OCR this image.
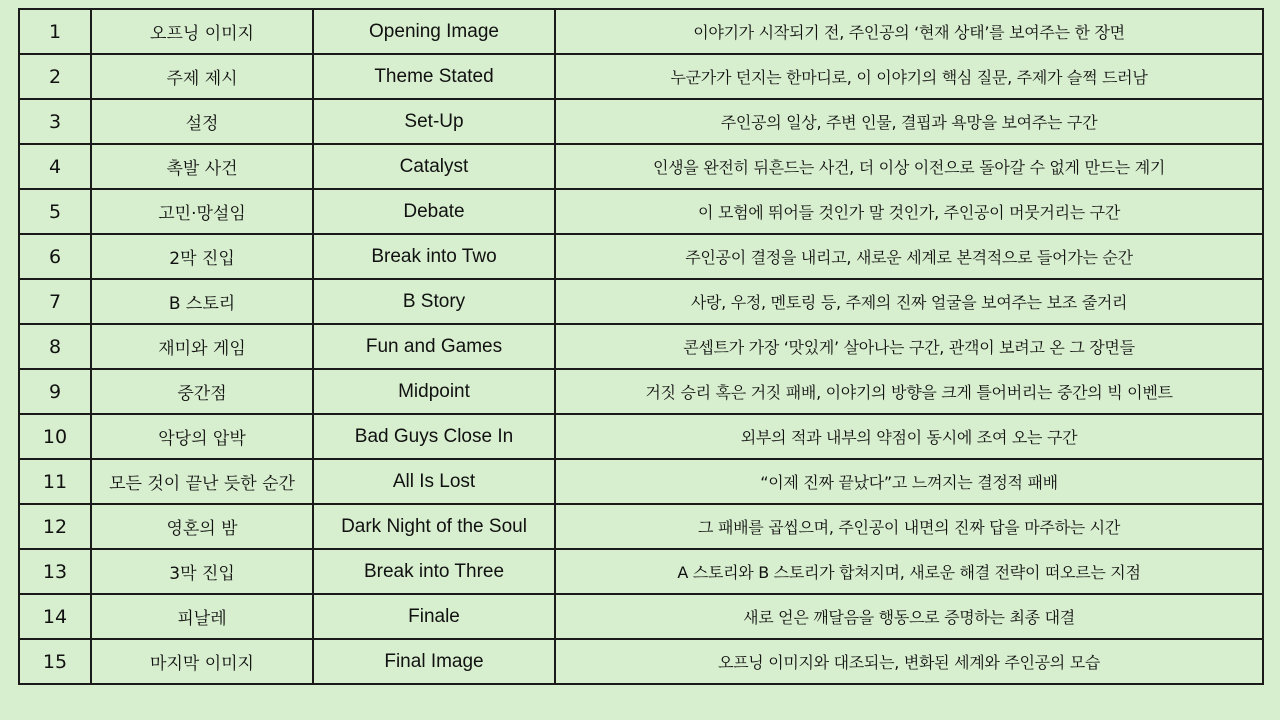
1	오프닝 이미지	Opening Image	이야기가 시작되기 전, 주인공의 ‘현재 상태’를 보여주는 한 장면
2	주제 제시	Theme Stated	누군가가 던지는 한마디로, 이 이야기의 핵심 질문, 주제가 슬쩍 드러남
3	설정	Set-Up	주인공의 일상, 주변 인물, 결핍과 욕망을 보여주는 구간
4	촉발 사건	Catalyst	인생을 완전히 뒤흔드는 사건, 더 이상 이전으로 돌아갈 수 없게 만드는 계기
5	고민·망설임	Debate	이 모험에 뛰어들 것인가 말 것인가, 주인공이 머뭇거리는 구간
6	2막 진입	Break into Two	주인공이 결정을 내리고, 새로운 세계로 본격적으로 들어가는 순간
7	B 스토리	B Story	사랑, 우정, 멘토링 등, 주제의 진짜 얼굴을 보여주는 보조 줄거리
8	재미와 게임	Fun and Games	콘셉트가 가장 ‘맛있게’ 살아나는 구간, 관객이 보려고 온 그 장면들
9	중간점	Midpoint	거짓 승리 혹은 거짓 패배, 이야기의 방향을 크게 틀어버리는 중간의 빅 이벤트
10	악당의 압박	Bad Guys Close In	외부의 적과 내부의 약점이 동시에 조여 오는 구간
11	모든 것이 끝난 듯한 순간	All Is Lost	“이제 진짜 끝났다”고 느껴지는 결정적 패배
12	영혼의 밤	Dark Night of the Soul	그 패배를 곱씹으며, 주인공이 내면의 진짜 답을 마주하는 시간
13	3막 진입	Break into Three	A 스토리와 B 스토리가 합쳐지며, 새로운 해결 전략이 떠오르는 지점
14	피날레	Finale	새로 얻은 깨달음을 행동으로 증명하는 최종 대결
15	마지막 이미지	Final Image	오프닝 이미지와 대조되는, 변화된 세계와 주인공의 모습
